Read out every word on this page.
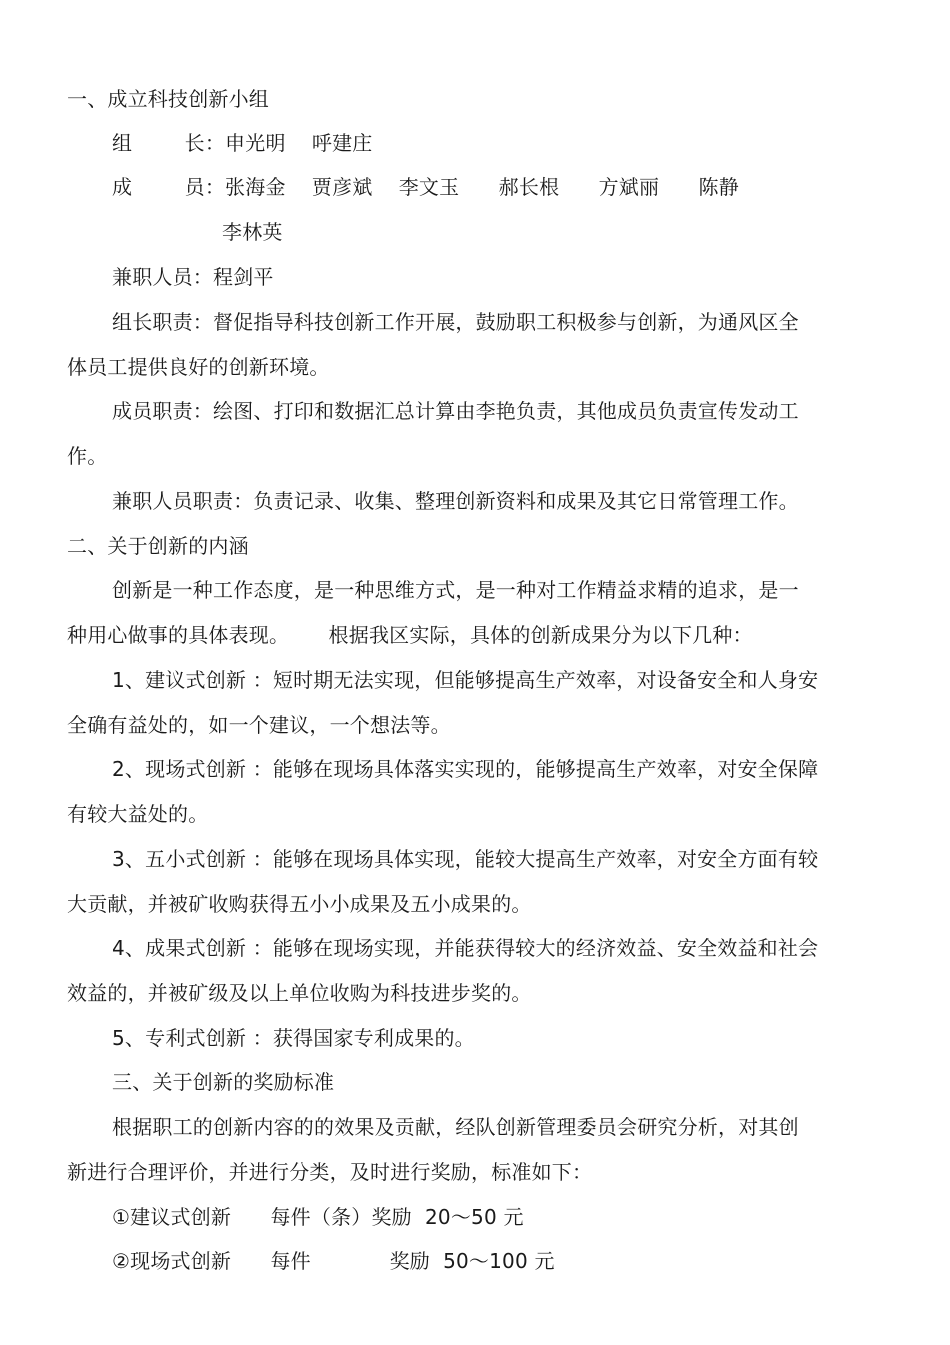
一、成立科技创新小组
组        长：申光明    呼建庄
成        员：张海金    贾彦斌    李文玉      郝长根      方斌丽      陈静
李林英
兼职人员：程剑平
组长职责：督促指导科技创新工作开展，鼓励职工积极参与创新，为通风区全
体员工提供良好的创新环境。
成员职责：绘图、打印和数据汇总计算由李艳负责，其他成员负责宣传发动工
作。
兼职人员职责：负责记录、收集、整理创新资料和成果及其它日常管理工作。
二、关于创新的内涵
创新是一种工作态度，是一种思维方式，是一种对工作精益求精的追求，是一
种用心做事的具体表现。      根据我区实际，具体的创新成果分为以下几种：
1、建议式创新 ：短时期无法实现，但能够提高生产效率，对设备安全和人身安
全确有益处的，如一个建议，一个想法等。
2、现场式创新 ：能够在现场具体落实实现的，能够提高生产效率，对安全保障
有较大益处的。
3、五小式创新 ：能够在现场具体实现，能较大提高生产效率，对安全方面有较
大贡献，并被矿收购获得五小小成果及五小成果的。
4、成果式创新 ：能够在现场实现，并能获得较大的经济效益、安全效益和社会
效益的，并被矿级及以上单位收购为科技进步奖的。
5、专利式创新 ：获得国家专利成果的。
三、关于创新的奖励标准
根据职工的创新内容的的效果及贡献，经队创新管理委员会研究分析，对其创
新进行合理评价，并进行分类，及时进行奖励，标准如下：
①建议式创新      每件（条）奖励  20～50 元
②现场式创新      每件            奖励  50～100 元
